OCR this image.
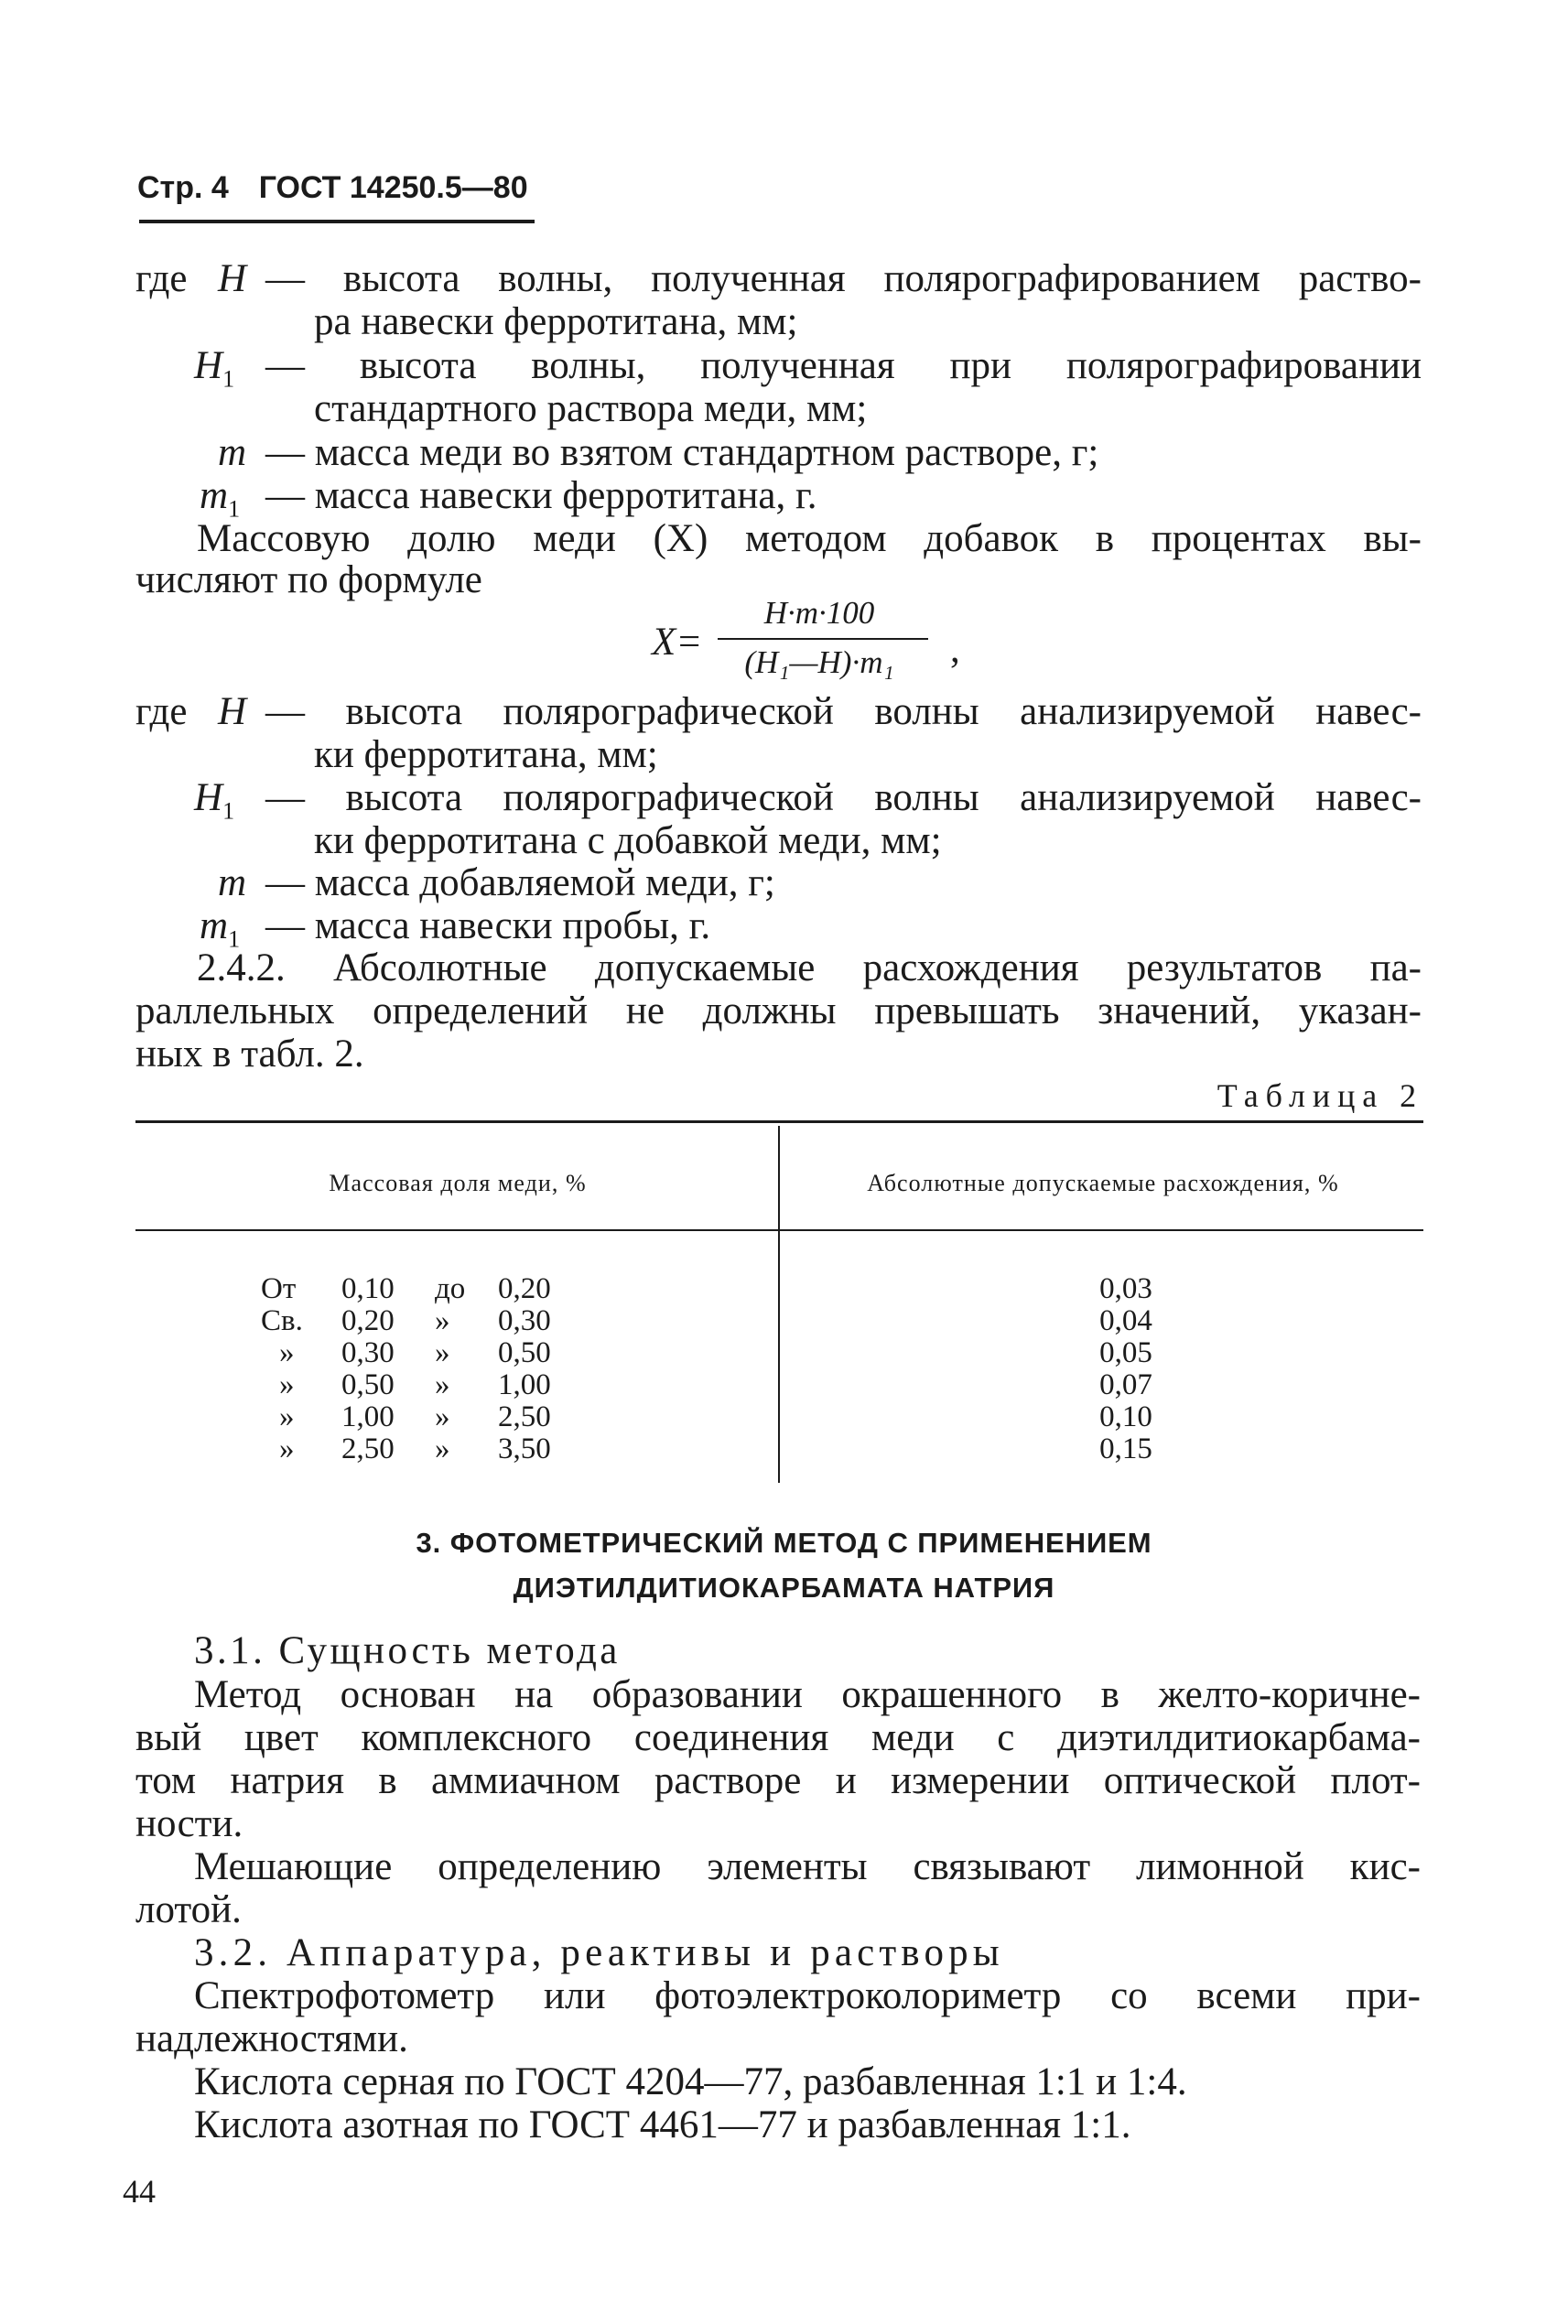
Стр. 4 ГОСТ 14250.5—80
где H — высота волны, полученная полярографированием раство-
ра навески ферротитана, мм;
$H_1$ — высота волны, полученная при полярографировании
стандартного раствора меди, мм;
m — масса меди во взятом стандартном растворе, г;
$m_1$ — масса навески ферротитана, г.
Массовую долю меди (X) методом добавок в процентах вы-
числяют по формуле
X=
H·m·100
(H₁—H)·m₁	,
где H — высота полярографической волны анализируемой навес-
ки ферротитана, мм;
$H_1$ — высота полярографической волны анализируемой навес-
ки ферротитана с добавкой меди, мм;
m — масса добавляемой меди, г;
$m_1$ — масса навески пробы, г.
2.4.2. Абсолютные допускаемые расхождения результатов па-
раллельных определений не должны превышать значений, указан-
ных в табл. 2.
Таблица 2
Массовая доля меди, %	Абсолютные допускаемые расхождения, %
От 0,10 до 0,20	0,03
Св. 0,20 » 0,30	0,04
» 0,30 » 0,50	0,05
» 0,50 » 1,00	0,07
» 1,00 » 2,50	0,10
» 2,50 » 3,50	0,15
3. ФОТОМЕТРИЧЕСКИЙ МЕТОД С ПРИМЕНЕНИЕМ
ДИЭТИЛДИТИОКАРБАМАТА НАТРИЯ
3.1. Сущность метода
Метод основан на образовании окрашенного в желто-коричне-
вый цвет комплексного соединения меди с диэтилдитиокарбама-
том натрия в аммиачном растворе и измерении оптической плот-
ности.
Мешающие определению элементы связывают лимонной кис-
лотой.
3.2. Аппаратура, реактивы и растворы
Спектрофотометр или фотоэлектроколориметр со всеми при-
надлежностями.
Кислота серная по ГОСТ 4204—77, разбавленная 1:1 и 1:4.
Кислота азотная по ГОСТ 4461—77 и разбавленная 1:1.
44
